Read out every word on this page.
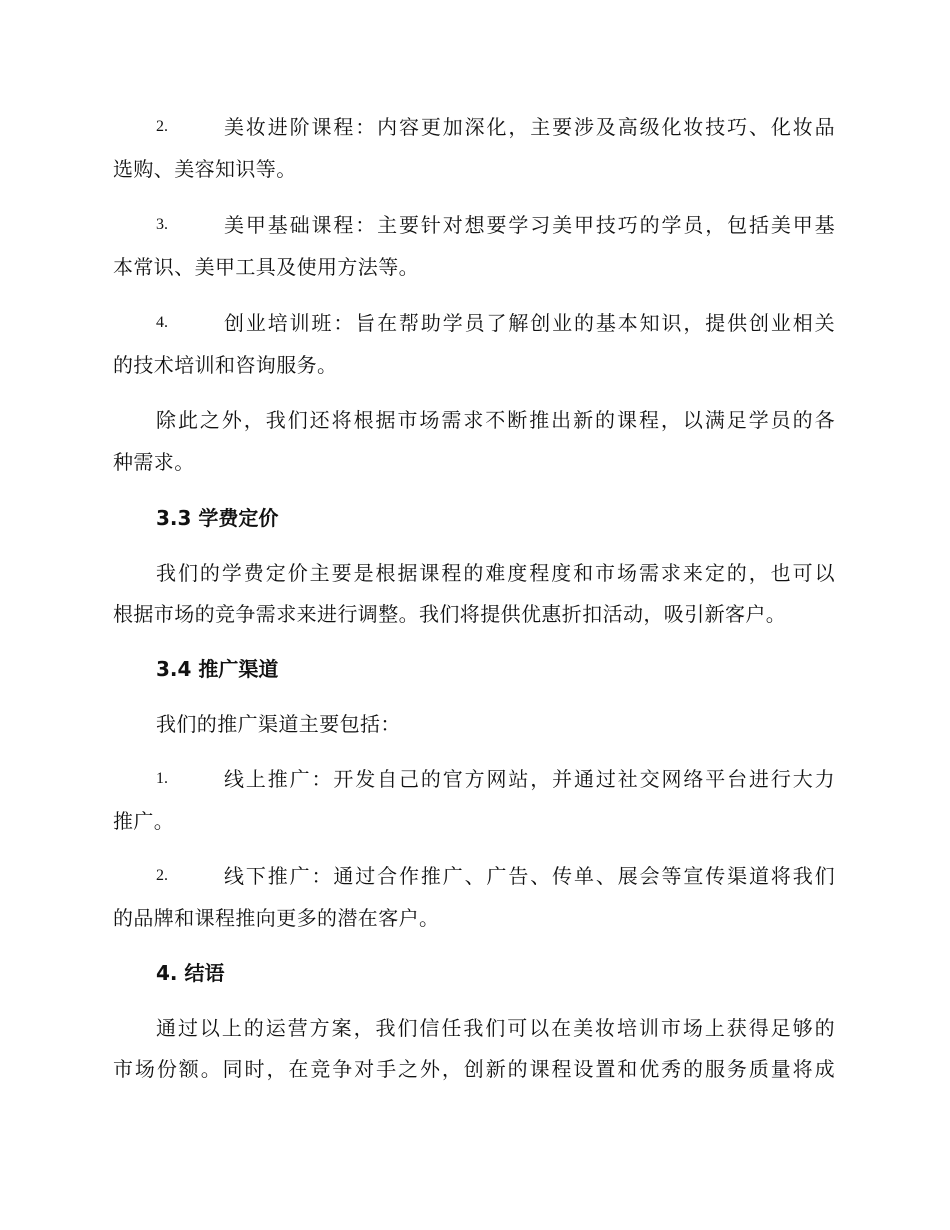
2.	美妆进阶课程：内容更加深化，主要涉及高级化妆技巧、化妆品
选购、美容知识等。
3.	美甲基础课程：主要针对想要学习美甲技巧的学员，包括美甲基
本常识、美甲工具及使用方法等。
4.	创业培训班：旨在帮助学员了解创业的基本知识，提供创业相关
的技术培训和咨询服务。
除此之外，我们还将根据市场需求不断推出新的课程，以满足学员的各
种需求。
3.3 学费定价
我们的学费定价主要是根据课程的难度程度和市场需求来定的，也可以
根据市场的竞争需求来进行调整。我们将提供优惠折扣活动，吸引新客户。
3.4 推广渠道
我们的推广渠道主要包括：
1.	线上推广：开发自己的官方网站，并通过社交网络平台进行大力
推广。
2.	线下推广：通过合作推广、广告、传单、展会等宣传渠道将我们
的品牌和课程推向更多的潜在客户。
4. 结语
通过以上的运营方案，我们信任我们可以在美妆培训市场上获得足够的
市场份额。同时，在竞争对手之外，创新的课程设置和优秀的服务质量将成
